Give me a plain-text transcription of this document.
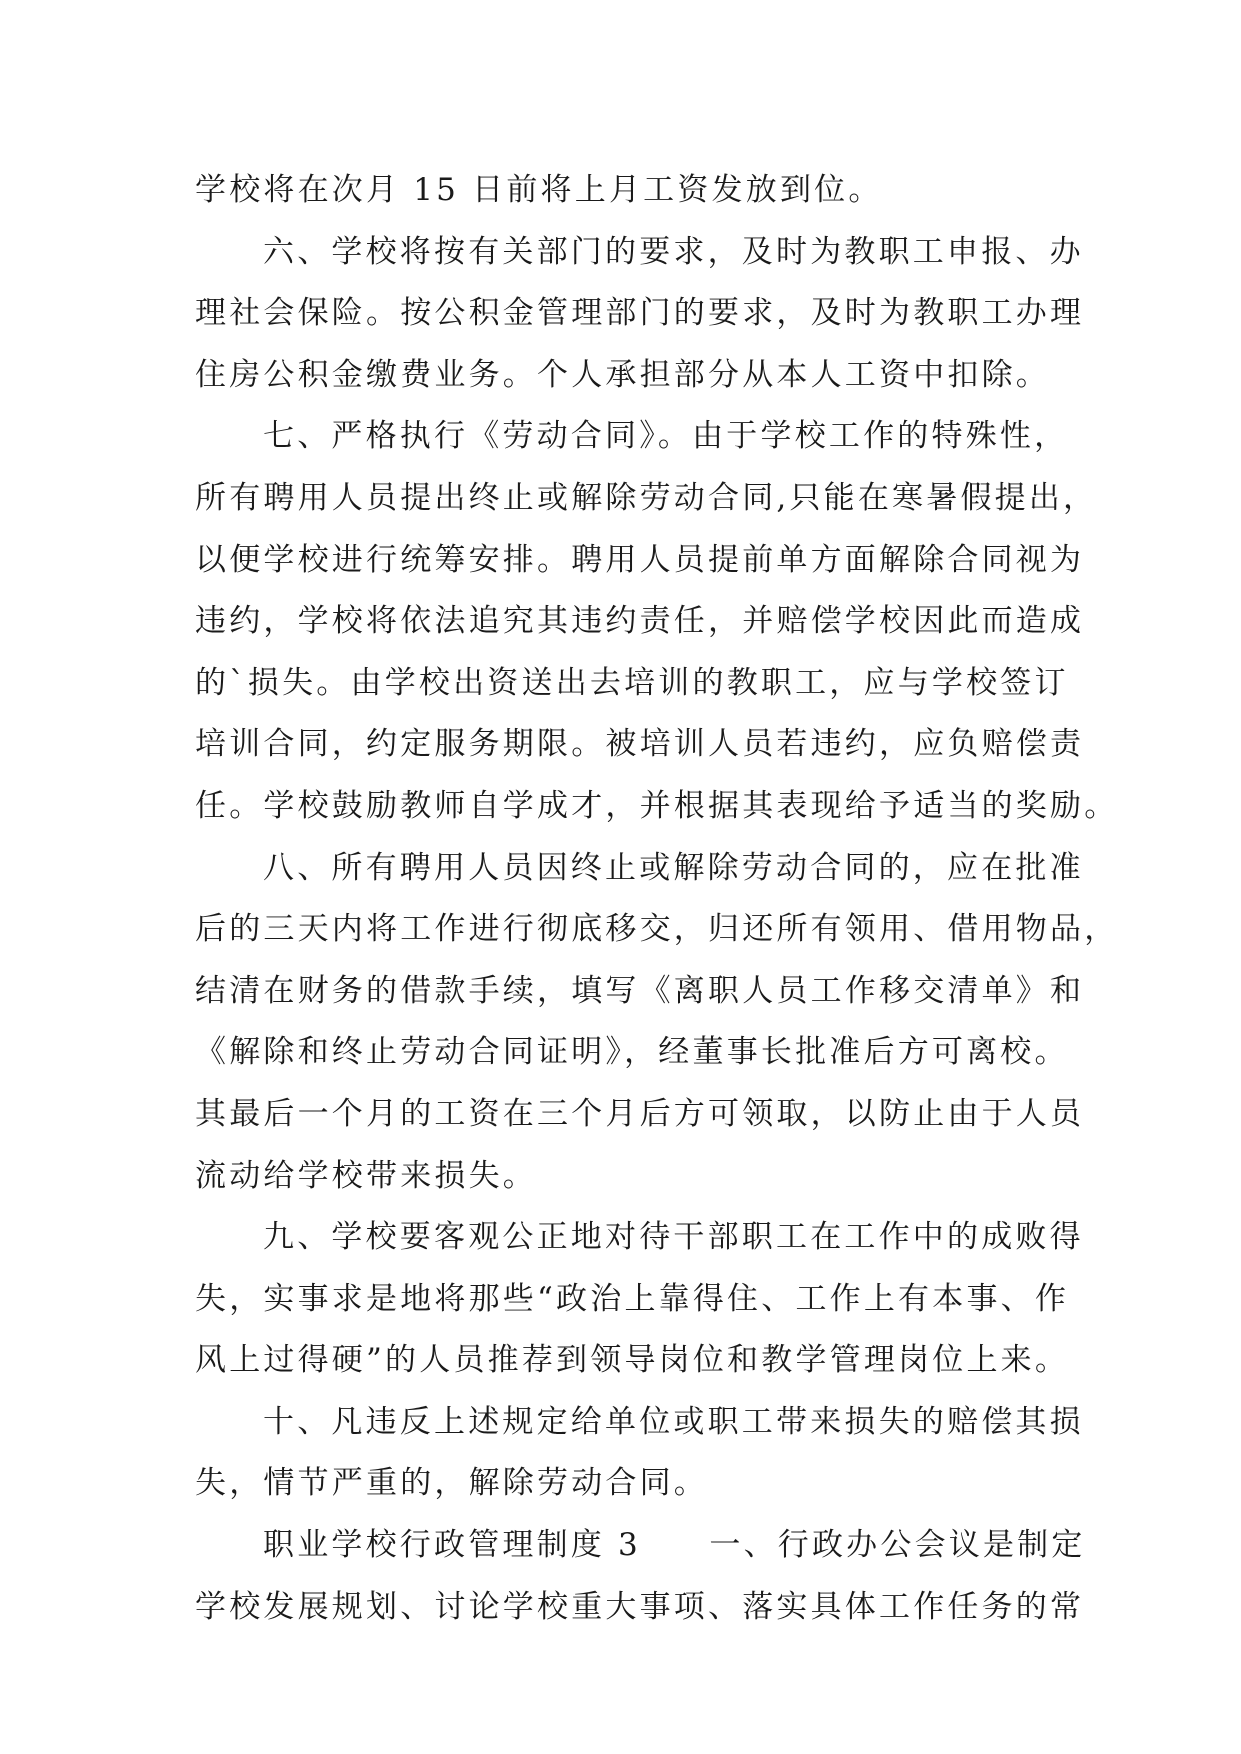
学校将在次月 15 日前将上月工资发放到位。
六、学校将按有关部门的要求，及时为教职工申报、办
理社会保险。按公积金管理部门的要求，及时为教职工办理
住房公积金缴费业务。个人承担部分从本人工资中扣除。
七、严格执行《劳动合同》。由于学校工作的特殊性，
所有聘用人员提出终止或解除劳动合同,只能在寒暑假提出，
以便学校进行统筹安排。聘用人员提前单方面解除合同视为
违约，学校将依法追究其违约责任，并赔偿学校因此而造成
的`损失。由学校出资送出去培训的教职工，应与学校签订
培训合同，约定服务期限。被培训人员若违约，应负赔偿责
任。学校鼓励教师自学成才，并根据其表现给予适当的奖励。
八、所有聘用人员因终止或解除劳动合同的，应在批准
后的三天内将工作进行彻底移交，归还所有领用、借用物品，
结清在财务的借款手续，填写《离职人员工作移交清单》和
《解除和终止劳动合同证明》，经董事长批准后方可离校。
其最后一个月的工资在三个月后方可领取，以防止由于人员
流动给学校带来损失。
九、学校要客观公正地对待干部职工在工作中的成败得
失，实事求是地将那些“政治上靠得住、工作上有本事、作
风上过得硬”的人员推荐到领导岗位和教学管理岗位上来。
十、凡违反上述规定给单位或职工带来损失的赔偿其损
失，情节严重的，解除劳动合同。
职业学校行政管理制度 3　　一、行政办公会议是制定
学校发展规划、讨论学校重大事项、落实具体工作任务的常
